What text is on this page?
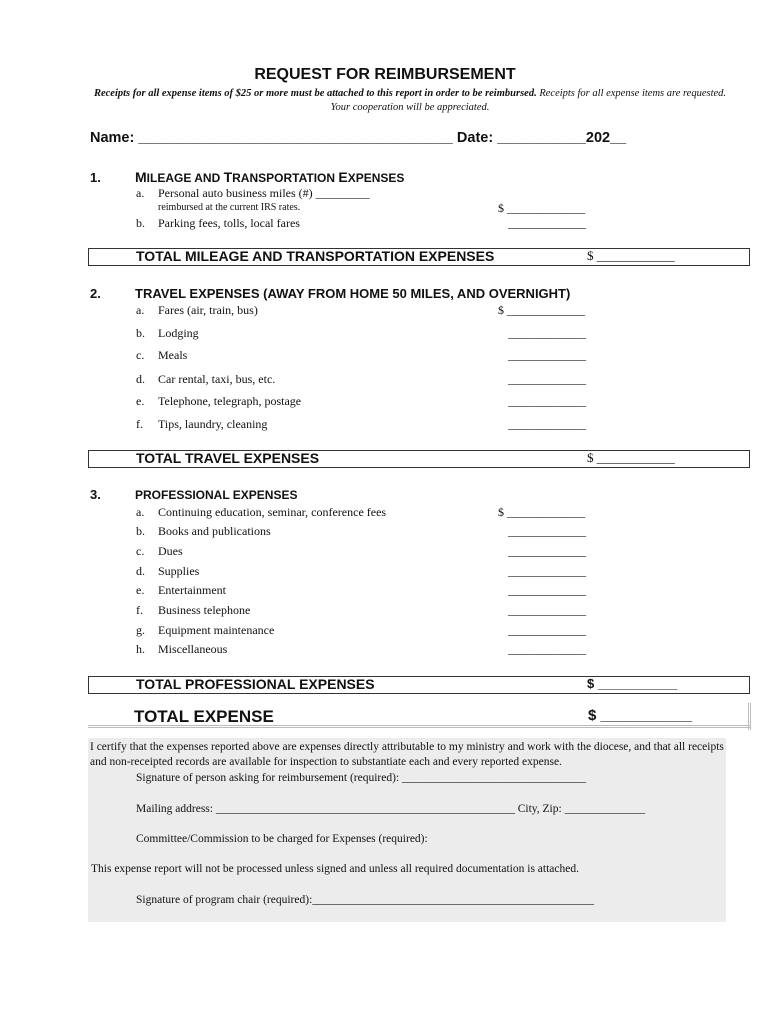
REQUEST FOR REIMBURSEMENT
Receipts for all expense items of $25 or more must be attached to this report in order to be reimbursed. Receipts for all expense items are requested. Your cooperation will be appreciated.
Name: _______________________________________ Date: ___________202__
1. MILEAGE AND TRANSPORTATION EXPENSES
a. Personal auto business miles (#) _________
reimbursed at the current IRS rates.	$ _____________
b. Parking fees, tolls, local fares	_____________
TOTAL MILEAGE AND TRANSPORTATION EXPENSES	$ ____________
2.	TRAVEL EXPENSES (AWAY FROM HOME 50 MILES, AND OVERNIGHT)
a. Fares (air, train, bus)	$ _____________
b. Lodging	_____________
c. Meals	_____________
d. Car rental, taxi, bus, etc.	_____________
e. Telephone, telegraph, postage	_____________
f. Tips, laundry, cleaning	_____________
TOTAL TRAVEL EXPENSES	$ ____________
3.	PROFESSIONAL EXPENSES
a. Continuing education, seminar, conference fees	$ _____________
b. Books and publications	_____________
c. Dues	_____________
d. Supplies	_____________
e. Entertainment	_____________
f. Business telephone	_____________
g. Equipment maintenance	_____________
h. Miscellaneous	_____________
TOTAL PROFESSIONAL EXPENSES	$ ___________
TOTAL EXPENSE	$ ___________
I certify that the expenses reported above are expenses directly attributable to my ministry and work with the diocese, and that all receipts and non-receipted records are available for inspection to substantiate each and every reported expense.
Signature of person asking for reimbursement (required): ________________________________
Mailing address: ____________________________________________________ City, Zip: ______________
Committee/Commission to be charged for Expenses (required):
This expense report will not be processed unless signed and unless all required documentation is attached.
Signature of program chair (required):_________________________________________________
